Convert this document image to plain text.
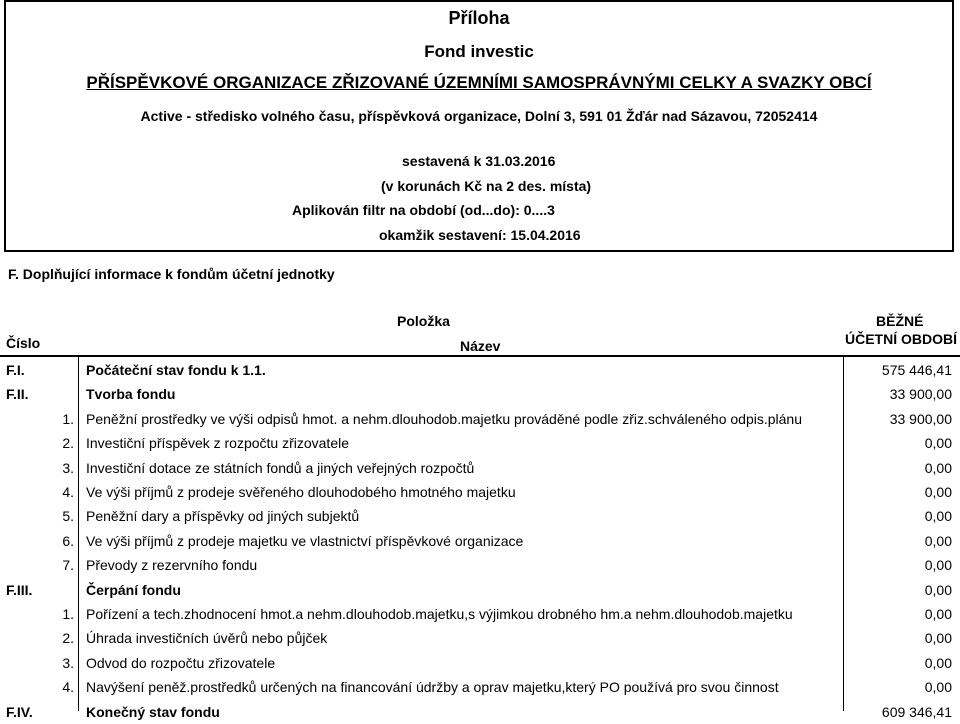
Příloha
Fond investic
PŘÍSPĚVKOVÉ ORGANIZACE ZŘIZOVANÉ ÚZEMNÍMI SAMOSPRÁVNÝMI CELKY A SVAZKY OBCÍ
Active - středisko volného času, příspěvková organizace, Dolní 3, 591 01 Žďár nad Sázavou, 72052414
sestavená k 31.03.2016
(v korunách Kč na 2 des. místa)
Aplikován filtr na období (od...do): 0....3
okamžik sestavení: 15.04.2016
F. Doplňující informace k fondům účetní jednotky
Položka
Číslo	Název
BĚŽNÉ
ÚČETNÍ OBDOBÍ
F.I.	Počáteční stav fondu k 1.1.	575 446,41
F.II.	Tvorba fondu	33 900,00
1. Peněžní prostředky ve výši odpisů hmot. a nehm.dlouhodob.majetku prováděné podle zřiz.schváleného odpis.plánu	33 900,00
2. Investiční příspěvek z rozpočtu zřizovatele	0,00
3. Investiční dotace ze státních fondů a jiných veřejných rozpočtů	0,00
4. Ve výši příjmů z prodeje svěřeného dlouhodobého hmotného majetku	0,00
5. Peněžní dary a příspěvky od jiných subjektů	0,00
6. Ve výši příjmů z prodeje majetku ve vlastnictví příspěvkové organizace	0,00
7. Převody z rezervního fondu	0,00
F.III.	Čerpání fondu	0,00
1. Pořízení a tech.zhodnocení hmot.a nehm.dlouhodob.majetku,s výjimkou drobného hm.a nehm.dlouhodob.majetku	0,00
2. Úhrada investičních úvěrů nebo půjček	0,00
3. Odvod do rozpočtu zřizovatele	0,00
4. Navýšení peněž.prostředků určených na financování údržby a oprav majetku,který PO používá pro svou činnost	0,00
F.IV.	Konečný stav fondu	609 346,41
